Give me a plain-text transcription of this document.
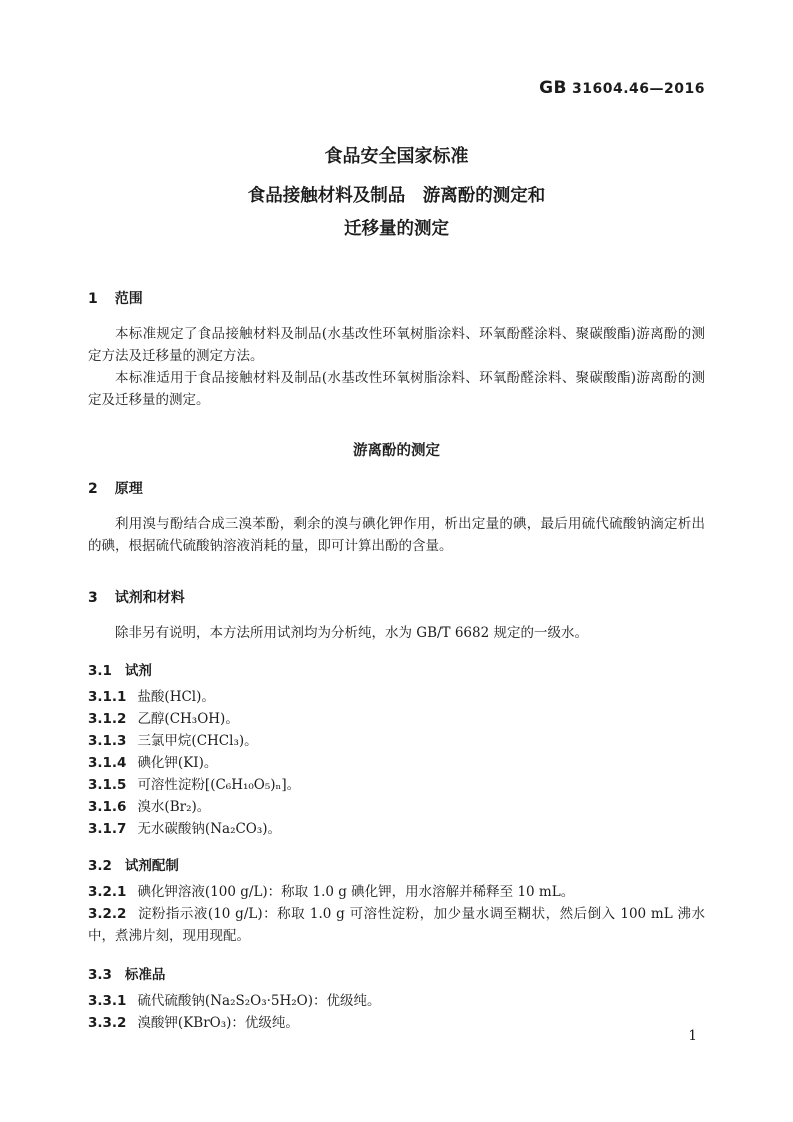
GB 31604.46—2016
食品安全国家标准
食品接触材料及制品　游离酚的测定和
迁移量的测定
1 范围

本标准规定了食品接触材料及制品(水基改性环氧树脂涂料、环氧酚醛涂料、聚碳酸酯)游离酚的测定方法及迁移量的测定方法。

本标准适用于食品接触材料及制品(水基改性环氧树脂涂料、环氧酚醛涂料、聚碳酸酯)游离酚的测定及迁移量的测定。

游离酚的测定
2 原理

利用溴与酚结合成三溴苯酚，剩余的溴与碘化钾作用，析出定量的碘，最后用硫代硫酸钠滴定析出的碘，根据硫代硫酸钠溶液消耗的量，即可计算出酚的含量。

3 试剂和材料

除非另有说明，本方法所用试剂均为分析纯，水为 GB/T 6682 规定的一级水。

3.1 试剂
3.1.1 盐酸(HCl)。
3.1.2 乙醇(CH₃OH)。
3.1.3 三氯甲烷(CHCl₃)。
3.1.4 碘化钾(KI)。
3.1.5 可溶性淀粉[(C₆H₁₀O₅)ₙ]。
3.1.6 溴水(Br₂)。
3.1.7 无水碳酸钠(Na₂CO₃)。
3.2 试剂配制
3.2.1 碘化钾溶液(100 g/L)：称取 1.0 g 碘化钾，用水溶解并稀释至 10 mL。
3.2.2 淀粉指示液(10 g/L)：称取 1.0 g 可溶性淀粉，加少量水调至糊状，然后倒入 100 mL 沸水中，煮沸片刻，现用现配。
3.3 标准品
3.3.1 硫代硫酸钠(Na₂S₂O₃·5H₂O)：优级纯。
3.3.2 溴酸钾(KBrO₃)：优级纯。
1
